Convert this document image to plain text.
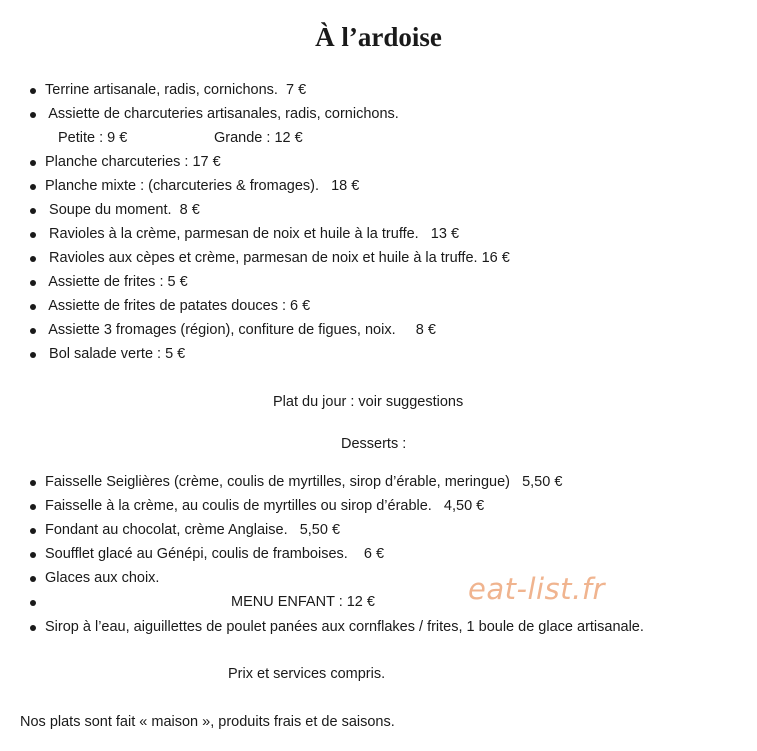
À l’ardoise
Terrine artisanale, radis, cornichons.  7 €
Assiette de charcuteries artisanales, radis, cornichons.
Planche charcuteries : 17 €
Planche mixte : (charcuteries & fromages).   18 €
Soupe du moment.  8 €
Ravioles à la crème, parmesan de noix et huile à la truffe.   13 €
Ravioles aux cèpes et crème, parmesan de noix et huile à la truffe. 16 €
Assiette de frites : 5 €
Assiette de frites de patates douces : 6 €
Assiette 3 fromages (région), confiture de figues, noix.     8 €
Bol salade verte : 5 €
Petite : 9 €	Grande : 12 €
Plat du jour : voir suggestions
Desserts :
Faisselle Seiglières (crème, coulis de myrtilles, sirop d’érable, meringue)   5,50 €
Faisselle à la crème, au coulis de myrtilles ou sirop d’érable.   4,50 €
Fondant au chocolat, crème Anglaise.   5,50 €
Soufflet glacé au Génépi, coulis de framboises.    6 €
Glaces aux choix.
Sirop à l’eau, aiguillettes de poulet panées aux cornflakes / frites, 1 boule de glace artisanale.
MENU ENFANT : 12 €	eat-list.fr
Prix et services compris.
Nos plats sont fait « maison », produits frais et de saisons.
